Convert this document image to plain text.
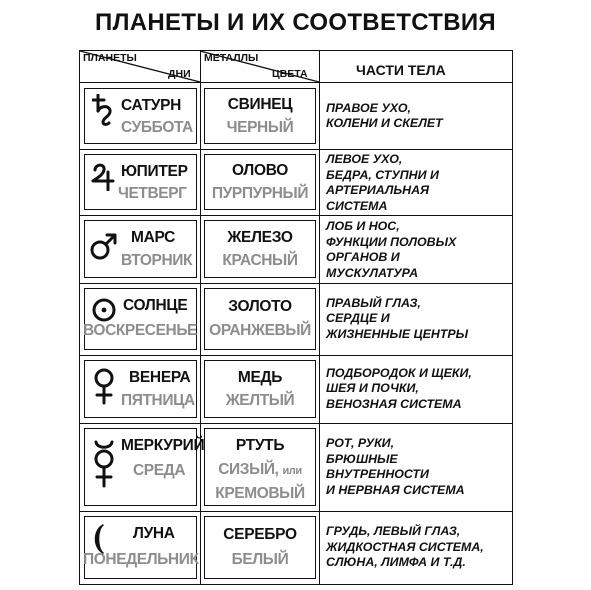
ПЛАНЕТЫ И ИХ СООТВЕТСТВИЯ
ПЛАНЕТЫ
ДНИ
МЕТАЛЛЫ
ЦВЕТА	ЧАСТИ ТЕЛА
САТУРН
СУББОТА
СВИНЕЦ
ЧЕРНЫЙ
ПРАВОЕ УХО,
КОЛЕНИ И СКЕЛЕТ
ЮПИТЕР
ЧЕТВЕРГ
ОЛОВО
ПУРПУРНЫЙ
ЛЕВОЕ УХО,
БЕДРА, СТУПНИ И
АРТЕРИАЛЬНАЯ
СИСТЕМА
МАРС
ВТОРНИК
ЖЕЛЕЗО
КРАСНЫЙ
ЛОБ И НОС,
ФУНКЦИИ ПОЛОВЫХ
ОРГАНОВ И
МУСКУЛАТУРА
СОЛНЦЕ
ВОСКРЕСЕНЬЕ
ЗОЛОТО
ОРАНЖЕВЫЙ
ПРАВЫЙ ГЛАЗ,
СЕРДЦЕ И
ЖИЗНЕННЫЕ ЦЕНТРЫ
ВЕНЕРА
ПЯТНИЦА
МЕДЬ
ЖЕЛТЫЙ
ПОДБОРОДОК И ЩЕКИ,
ШЕЯ И ПОЧКИ,
ВЕНОЗНАЯ СИСТЕМА
МЕРКУРИЙ
СРЕДА
РТУТЬ
СИЗЫЙ, или
КРЕМОВЫЙ
РОТ, РУКИ,
БРЮШНЫЕ
ВНУТРЕННОСТИ
И НЕРВНАЯ СИСТЕМА
ЛУНА
ПОНЕДЕЛЬНИК
СЕРЕБРО
БЕЛЫЙ
ГРУДЬ, ЛЕВЫЙ ГЛАЗ,
ЖИДКОСТНАЯ СИСТЕМА,
СЛЮНА, ЛИМФА И Т.Д.
